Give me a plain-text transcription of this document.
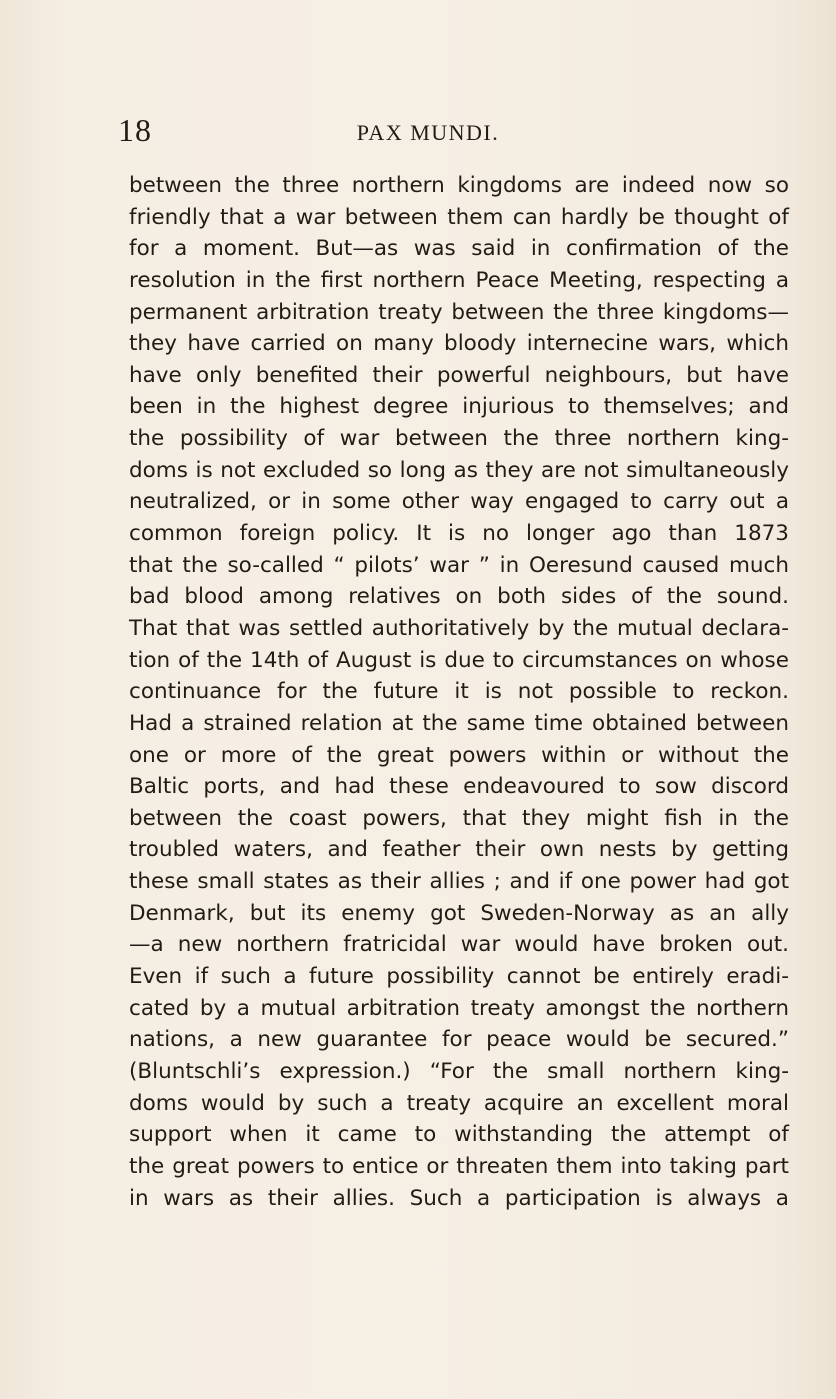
18	PAX MUNDI.
between the three northern kingdoms are indeed now so
friendly that a war between them can hardly be thought of
for a moment. But—as was said in confirmation of the
resolution in the first northern Peace Meeting, respecting a
permanent arbitration treaty between the three kingdoms—
they have carried on many bloody internecine wars, which
have only benefited their powerful neighbours, but have
been in the highest degree injurious to themselves; and
the possibility of war between the three northern king-
doms is not excluded so long as they are not simultaneously
neutralized, or in some other way engaged to carry out a
common foreign policy. It is no longer ago than 1873
that the so-called “ pilots’ war ” in Oeresund caused much
bad blood among relatives on both sides of the sound.
That that was settled authoritatively by the mutual declara-
tion of the 14th of August is due to circumstances on whose
continuance for the future it is not possible to reckon.
Had a strained relation at the same time obtained between
one or more of the great powers within or without the
Baltic ports, and had these endeavoured to sow discord
between the coast powers, that they might fish in the
troubled waters, and feather their own nests by getting
these small states as their allies ; and if one power had got
Denmark, but its enemy got Sweden-Norway as an ally
—a new northern fratricidal war would have broken out.
Even if such a future possibility cannot be entirely eradi-
cated by a mutual arbitration treaty amongst the northern
nations, a new guarantee for peace would be secured.”
(Bluntschli’s expression.) “For the small northern king-
doms would by such a treaty acquire an excellent moral
support when it came to withstanding the attempt of
the great powers to entice or threaten them into taking part
in wars as their allies. Such a participation is always a
